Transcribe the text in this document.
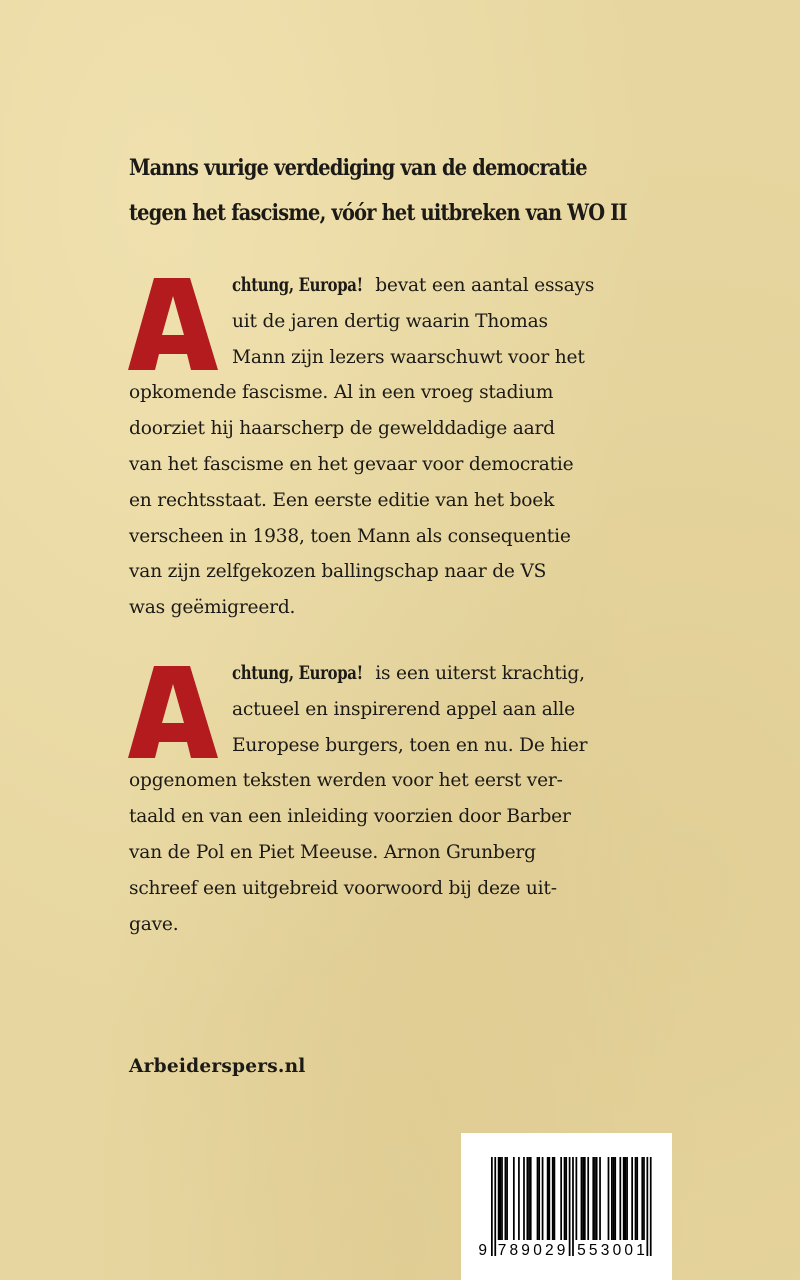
Manns vurige verdediging van de democratie
tegen het fascisme, vóór het uitbreken van WO II
chtung, Europa! bevat een aantal essays
uit de jaren dertig waarin Thomas
Mann zijn lezers waarschuwt voor het
opkomende fascisme. Al in een vroeg stadium
doorziet hij haarscherp de gewelddadige aard
van het fascisme en het gevaar voor democratie
en rechtsstaat. Een eerste editie van het boek
verscheen in 1938, toen Mann als consequentie
van zijn zelfgekozen ballingschap naar de VS
was geëmigreerd.
chtung, Europa! is een uiterst krachtig,
actueel en inspirerend appel aan alle
Europese burgers, toen en nu. De hier
opgenomen teksten werden voor het eerst ver-
taald en van een inleiding voorzien door Barber
van de Pol en Piet Meeuse. Arnon Grunberg
schreef een uitgebreid voorwoord bij deze uit-
gave.
Arbeiderspers.nl
9 7	5
8	5
9	3
0	0
2	0
9	1
